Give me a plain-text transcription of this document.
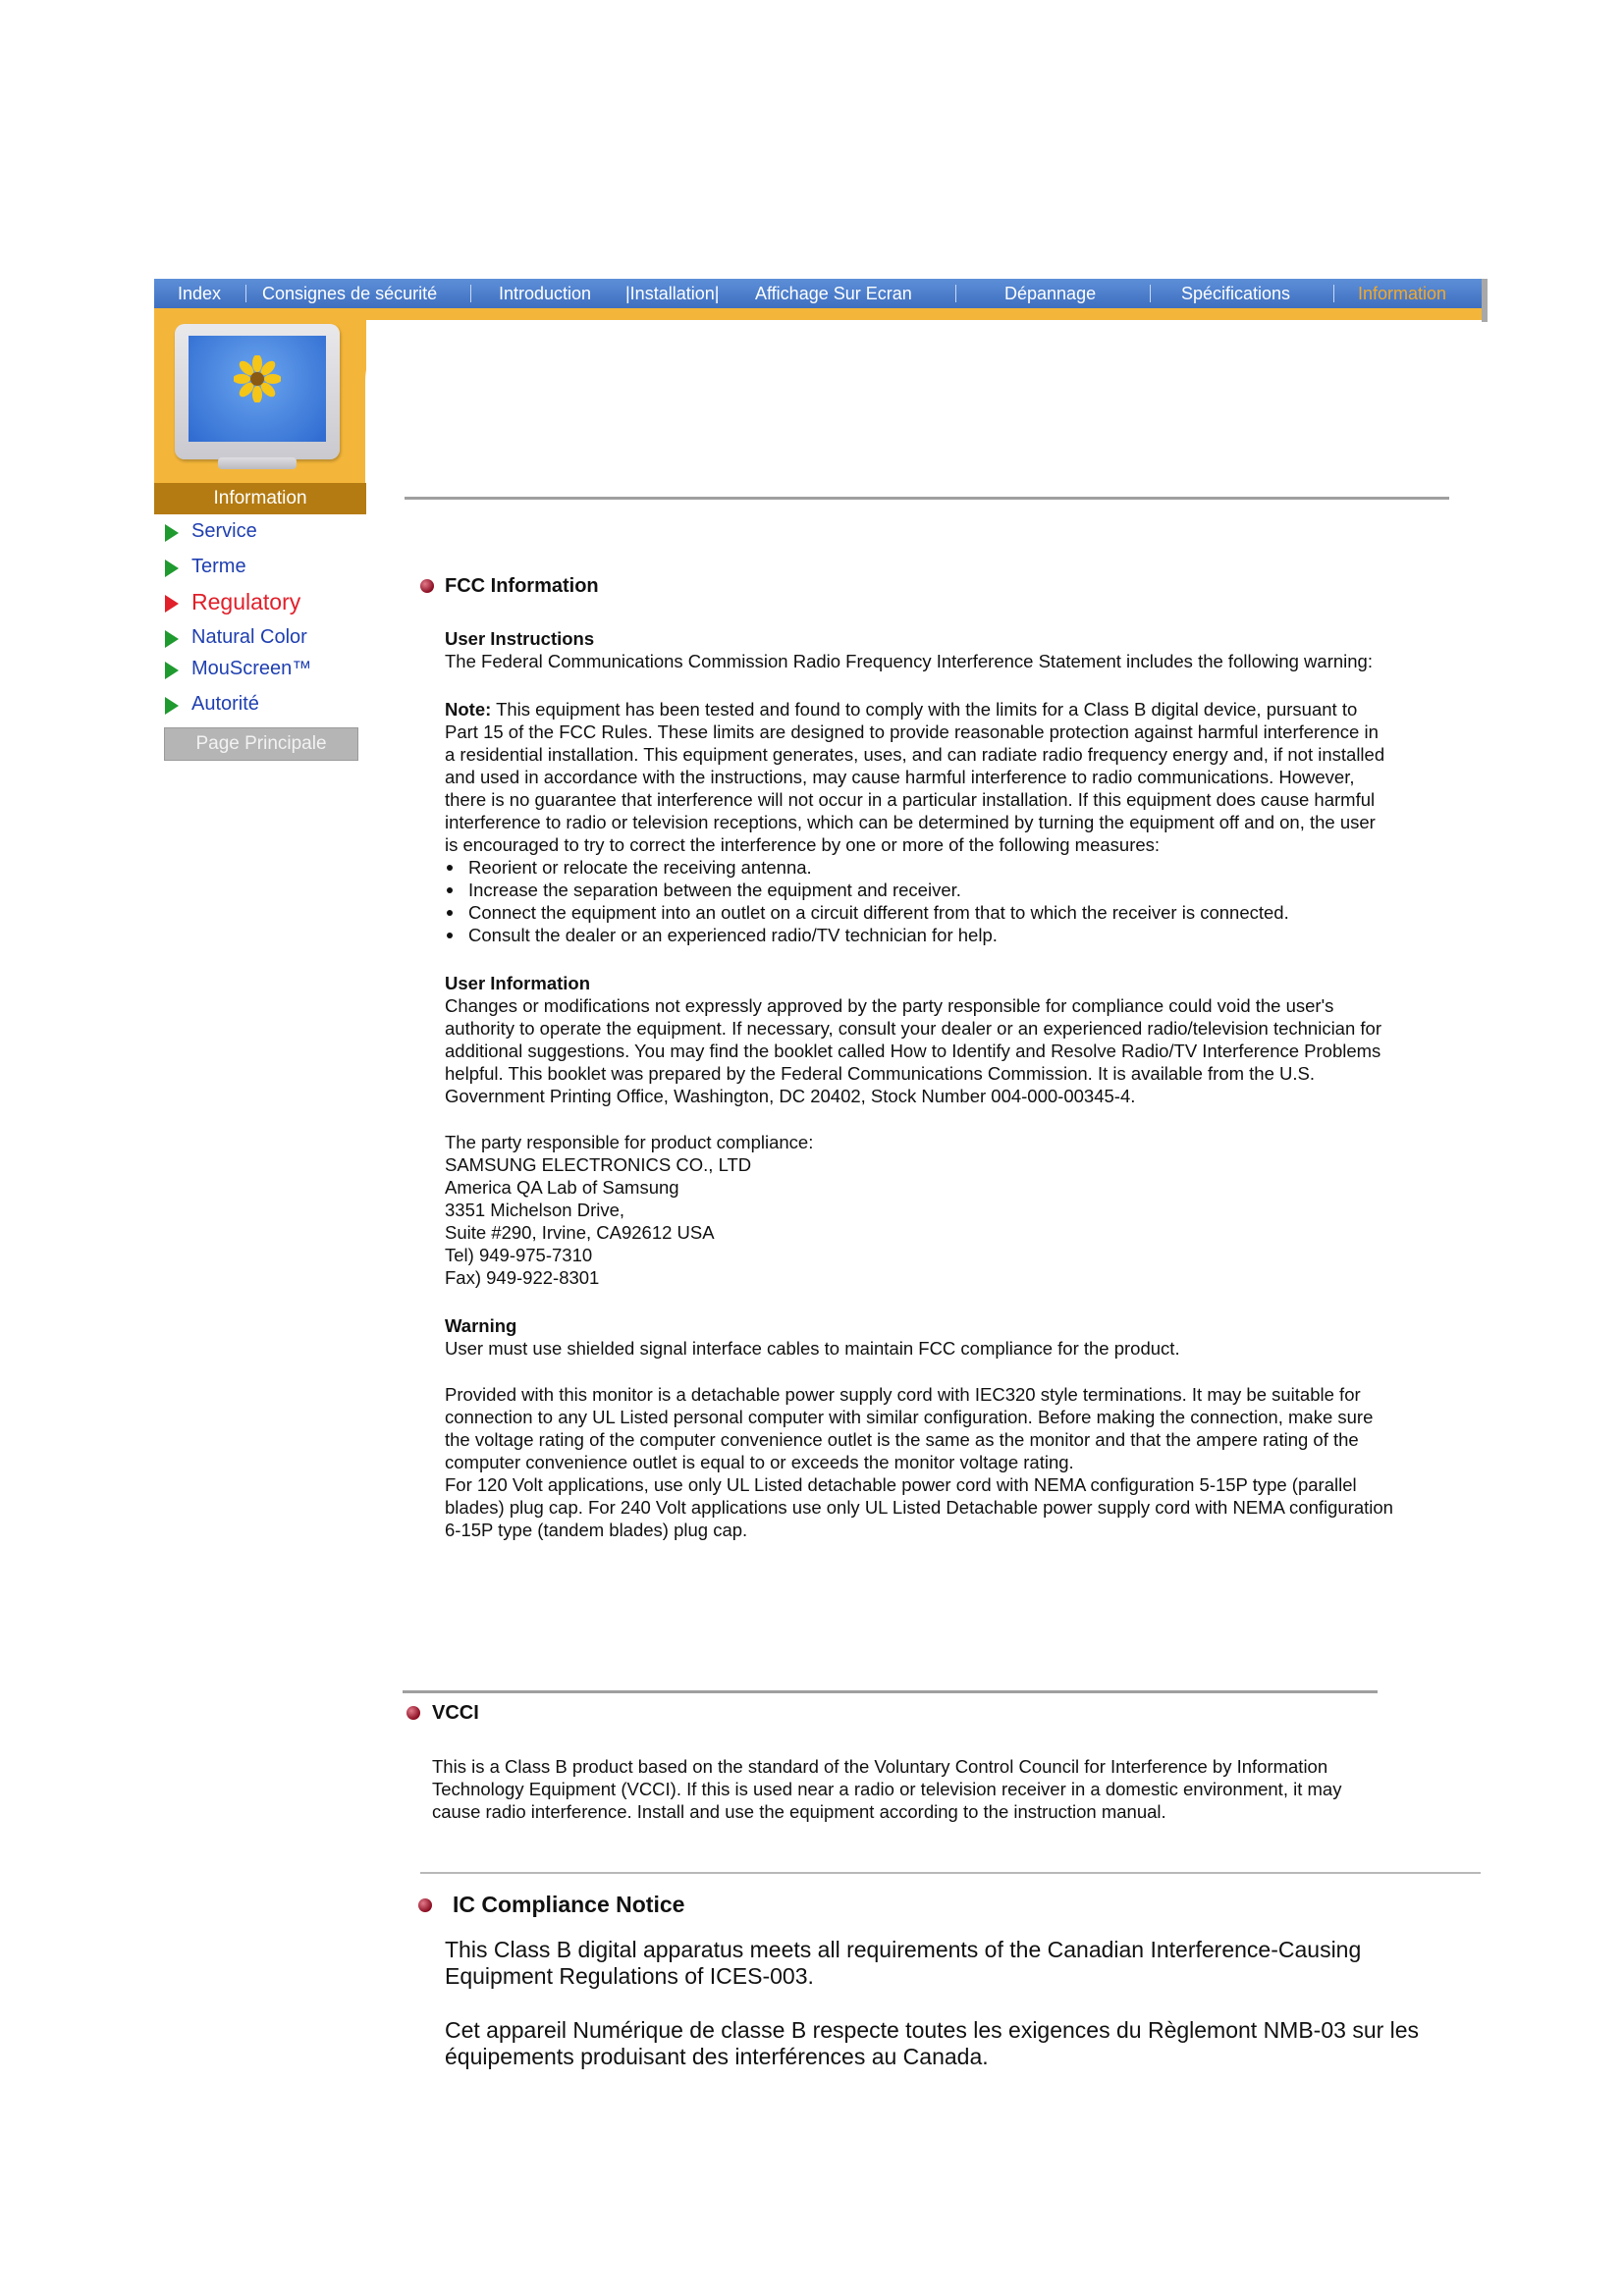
Index Consignes de sécurité	Introduction |Installation| Affichage Sur Ecran	Dépannage	Spécifications	Information
Information
Service
Terme
Regulatory
Natural Color
MouScreen™
Autorité
Page Principale
FCC Information

User Instructions

The Federal Communications Commission Radio Frequency Interference Statement includes the following warning:

Note: This equipment has been tested and found to comply with the limits for a Class B digital device, pursuant to Part 15 of the FCC Rules. These limits are designed to provide reasonable protection against harmful interference in a residential installation. This equipment generates, uses, and can radiate radio frequency energy and, if not installed and used in accordance with the instructions, may cause harmful interference to radio communications. However, there is no guarantee that interference will not occur in a particular installation. If this equipment does cause harmful interference to radio or television receptions, which can be determined by turning the equipment off and on, the user is encouraged to try to correct the interference by one or more of the following measures:

Reorient or relocate the receiving antenna.

Increase the separation between the equipment and receiver.

Connect the equipment into an outlet on a circuit different from that to which the receiver is connected.

Consult the dealer or an experienced radio/TV technician for help.

User Information

Changes or modifications not expressly approved by the party responsible for compliance could void the user's authority to operate the equipment. If necessary, consult your dealer or an experienced radio/television technician for additional suggestions. You may find the booklet called How to Identify and Resolve Radio/TV Interference Problems helpful. This booklet was prepared by the Federal Communications Commission. It is available from the U.S. Government Printing Office, Washington, DC 20402, Stock Number 004-000-00345-4.

The party responsible for product compliance:

SAMSUNG ELECTRONICS CO., LTD

America QA Lab of Samsung

3351 Michelson Drive,

Suite #290, Irvine, CA92612 USA

Tel) 949-975-7310

Fax) 949-922-8301

Warning

User must use shielded signal interface cables to maintain FCC compliance for the product.

Provided with this monitor is a detachable power supply cord with IEC320 style terminations. It may be suitable for connection to any UL Listed personal computer with similar configuration. Before making the connection, make sure the voltage rating of the computer convenience outlet is the same as the monitor and that the ampere rating of the computer convenience outlet is equal to or exceeds the monitor voltage rating.

For 120 Volt applications, use only UL Listed detachable power cord with NEMA configuration 5-15P type (parallel blades) plug cap. For 240 Volt applications use only UL Listed Detachable power supply cord with NEMA configuration 6-15P type (tandem blades) plug cap.

VCCI
This is a Class B product based on the standard of the Voluntary Control Council for Interference by Information Technology Equipment (VCCI). If this is used near a radio or television receiver in a domestic environment, it may cause radio interference. Install and use the equipment according to the instruction manual.
IC Compliance Notice
This Class B digital apparatus meets all requirements of the Canadian Interference-Causing Equipment Regulations of ICES-003.
Cet appareil Numérique de classe B respecte toutes les exigences du Règlemont NMB-03 sur les équipements produisant des interférences au Canada.
